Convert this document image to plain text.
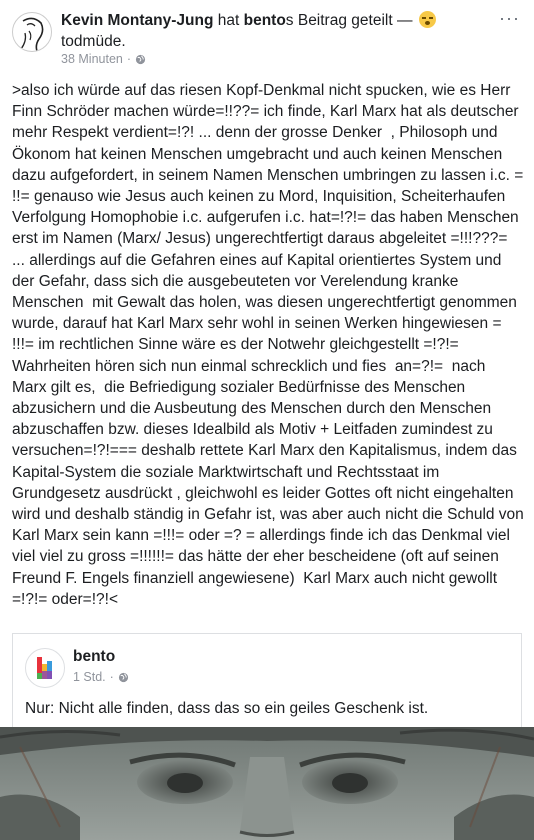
Kevin Montany-Jung hat bentos Beitrag geteilt —
todmüde.
38 Minuten ·
···
>also ich würde auf das riesen Kopf-Denkmal nicht spucken, wie es Herr Finn Schröder machen würde=!!??= ich finde, Karl Marx hat als deutscher mehr Respekt verdient=!?! ... denn der grosse Denker  , Philosoph und Ökonom hat keinen Menschen umgebracht und auch keinen Menschen dazu aufgefordert, in seinem Namen Menschen umbringen zu lassen i.c. = !!= genauso wie Jesus auch keinen zu Mord, Inquisition, Scheiterhaufen Verfolgung Homophobie i.c. aufgerufen i.c. hat=!?!= das haben Menschen erst im Namen (Marx/ Jesus) ungerechtfertigt daraus abgeleitet =!!!???=  ... allerdings auf die Gefahren eines auf Kapital orientiertes System und der Gefahr, dass sich die ausgebeuteten vor Verelendung kranke  Menschen  mit Gewalt das holen, was diesen ungerechtfertigt genommen wurde, darauf hat Karl Marx sehr wohl in seinen Werken hingewiesen = !!!= im rechtlichen Sinne wäre es der Notwehr gleichgestellt =!?!= Wahrheiten hören sich nun einmal schrecklich und fies  an=?!=  nach Marx gilt es,  die Befriedigung sozialer Bedürfnisse des Menschen abzusichern und die Ausbeutung des Menschen durch den Menschen abzuschaffen bzw. dieses Idealbild als Motiv + Leitfaden zumindest zu versuchen=!?!=== deshalb rettete Karl Marx den Kapitalismus, indem das Kapital-System die soziale Marktwirtschaft und Rechtsstaat im Grundgesetz ausdrückt , gleichwohl es leider Gottes oft nicht eingehalten wird und deshalb ständig in Gefahr ist, was aber auch nicht die Schuld von Karl Marx sein kann =!!!= oder =? = allerdings finde ich das Denkmal viel viel viel zu gross =!!!!!!= das hätte der eher bescheidene (oft auf seinen Freund F. Engels finanziell angewiesene)  Karl Marx auch nicht gewollt  =!?!= oder=!?!<
bento
1 Std. ·
Nur: Nicht alle finden, dass das so ein geiles Geschenk ist.
